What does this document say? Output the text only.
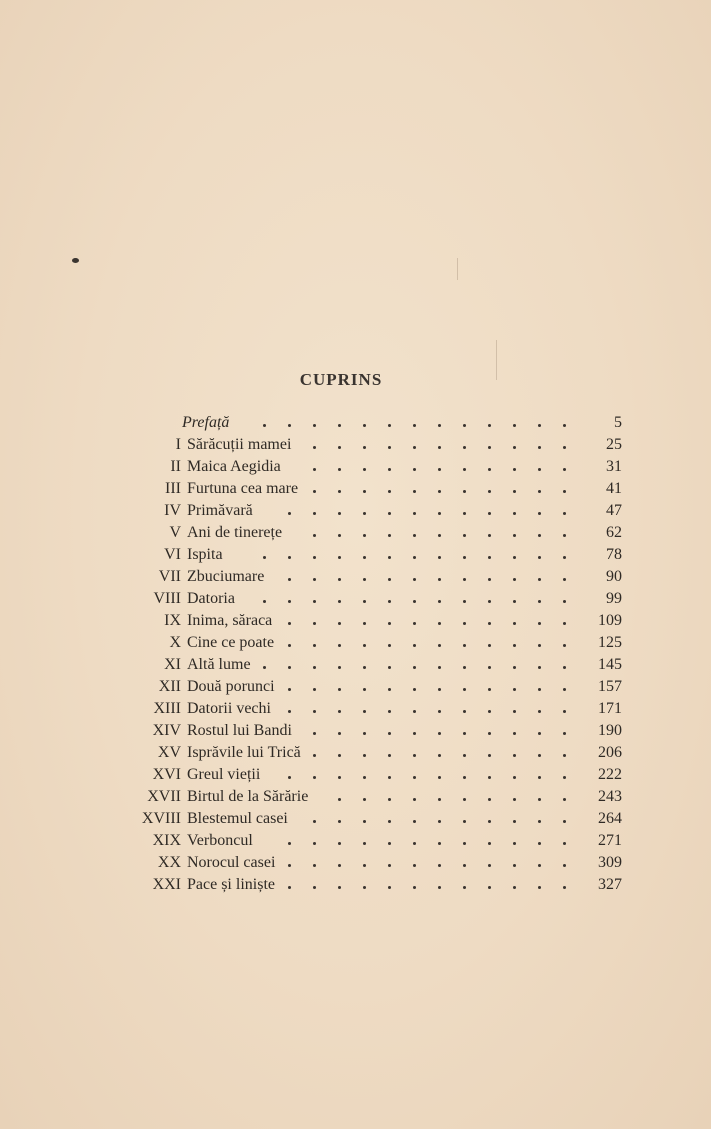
CUPRINS
Prefață	5
I Sărăcuții mamei	25
II Maica Aegidia	31
III Furtuna cea mare	41
IV Primăvară	47
V Ani de tinerețe	62
VI Ispita	78
VII Zbuciumare	90
VIII Datoria	99
IX Inima, săraca	109
X Cine ce poate	125
XI Altă lume	145
XII Două porunci	157
XIII Datorii vechi	171
XIV Rostul lui Bandi	190
XV Isprăvile lui Trică	206
XVI Greul vieții	222
XVII Birtul de la Sărărie	243
XVIII Blestemul casei	264
XIX Verboncul	271
XX Norocul casei	309
XXI Pace și liniște	327
